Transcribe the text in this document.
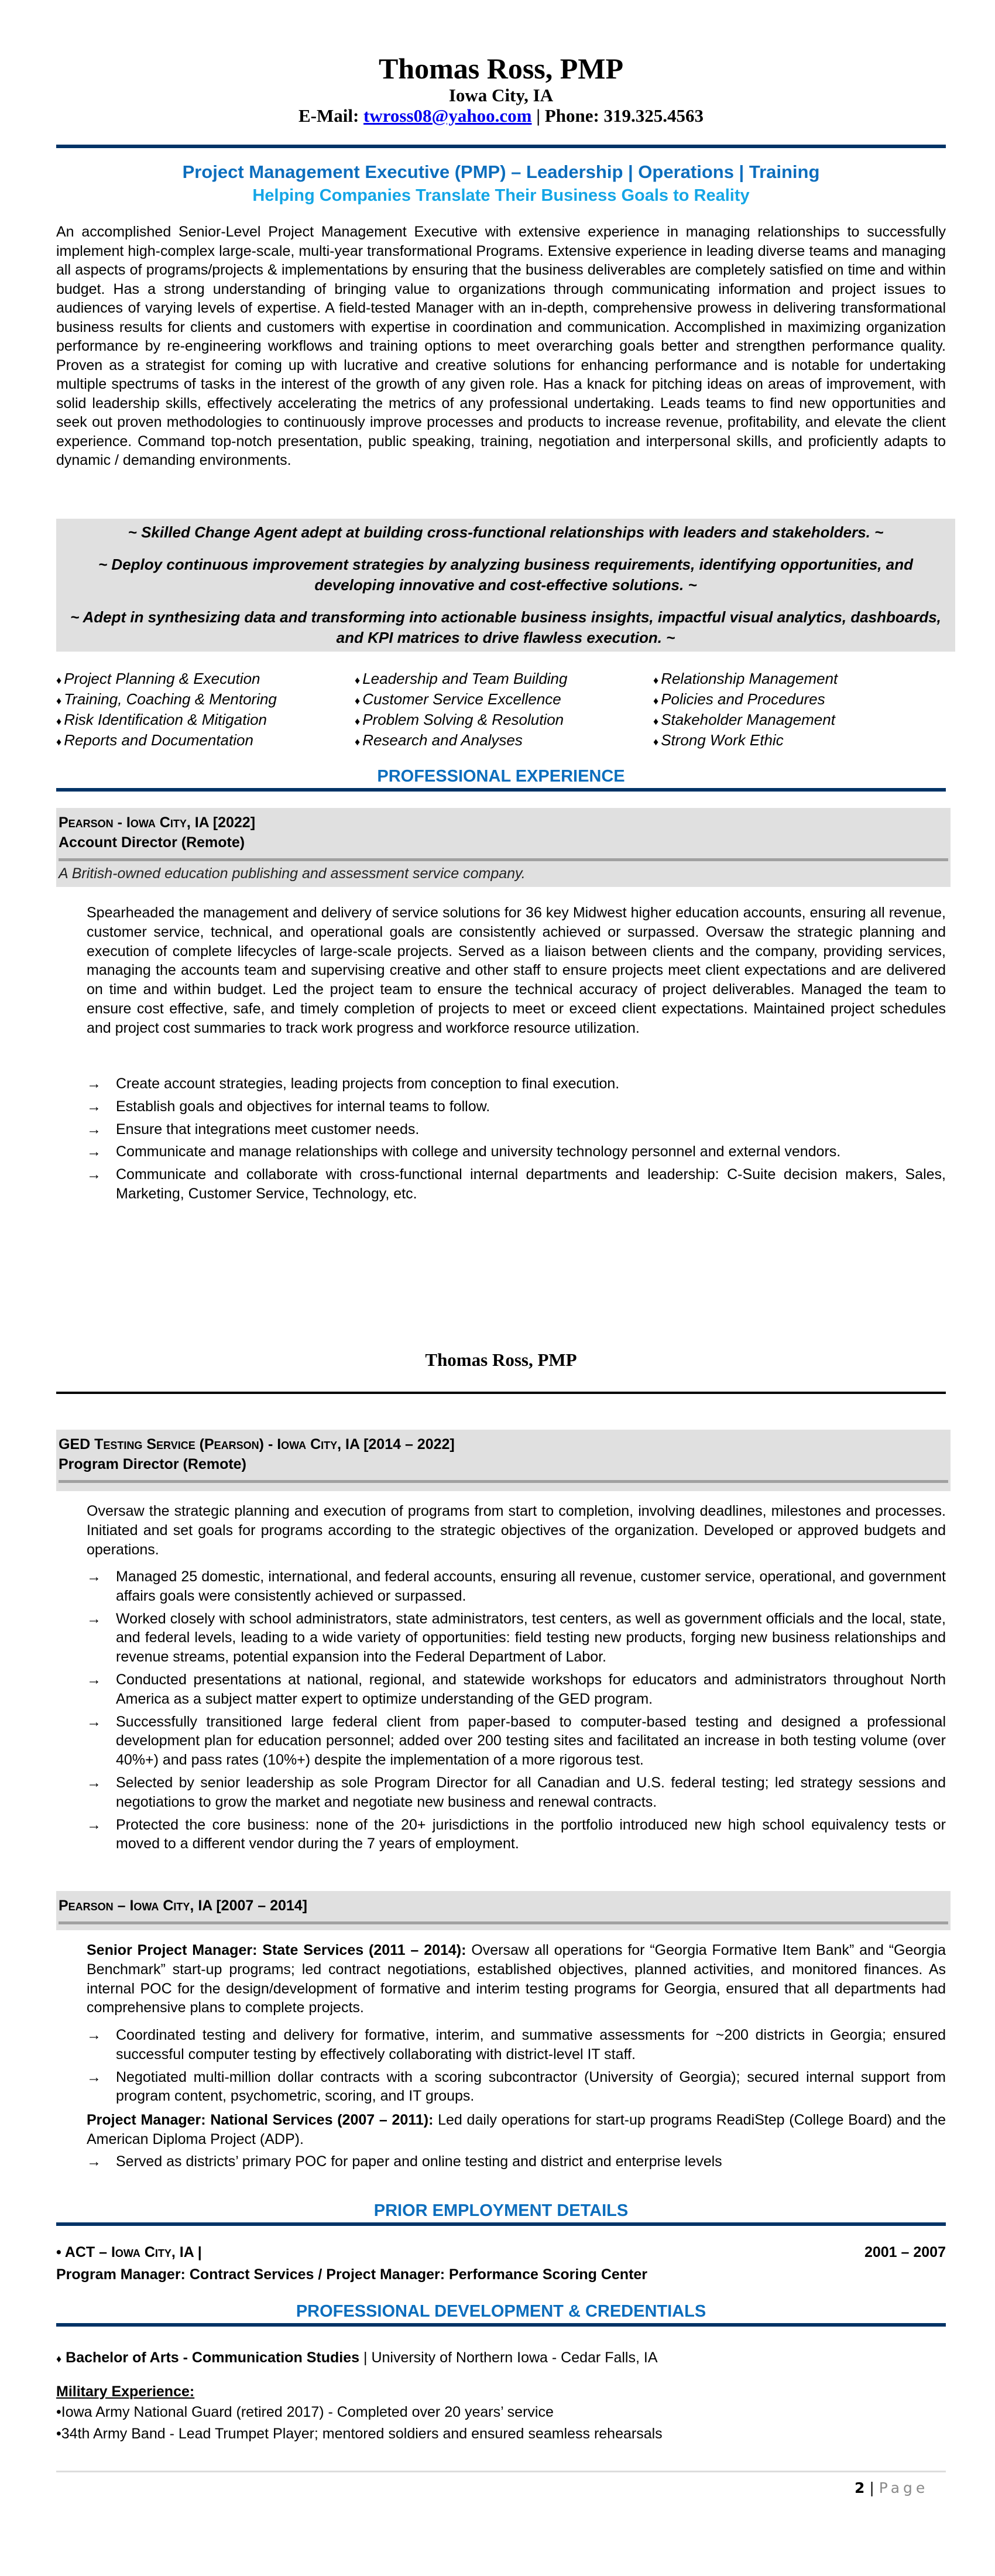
Thomas Ross, PMP
Iowa City, IA
E-Mail: twross08@yahoo.com | Phone: 319.325.4563
Project Management Executive (PMP) – Leadership | Operations | Training
Helping Companies Translate Their Business Goals to Reality
An accomplished Senior-Level Project Management Executive with extensive experience in managing relationships to successfully implement high-complex large-scale, multi-year transformational Programs. Extensive experience in leading diverse teams and managing all aspects of programs/projects & implementations by ensuring that the business deliverables are completely satisfied on time and within budget. Has a strong understanding of bringing value to organizations through communicating information and project issues to audiences of varying levels of expertise. A field-tested Manager with an in-depth, comprehensive prowess in delivering transformational business results for clients and customers with expertise in coordination and communication. Accomplished in maximizing organization performance by re-engineering workflows and training options to meet overarching goals better and strengthen performance quality. Proven as a strategist for coming up with lucrative and creative solutions for enhancing performance and is notable for undertaking multiple spectrums of tasks in the interest of the growth of any given role. Has a knack for pitching ideas on areas of improvement, with solid leadership skills, effectively accelerating the metrics of any professional undertaking. Leads teams to find new opportunities and seek out proven methodologies to continuously improve processes and products to increase revenue, profitability, and elevate the client experience. Command top-notch presentation, public speaking, training, negotiation and interpersonal skills, and proficiently adapts to dynamic / demanding environments.

~ Skilled Change Agent adept at building cross-functional relationships with leaders and stakeholders. ~

~ Deploy continuous improvement strategies by analyzing business requirements, identifying opportunities, and developing innovative and cost-effective solutions. ~

~ Adept in synthesizing data and transforming into actionable business insights, impactful visual analytics, dashboards, and KPI matrices to drive flawless execution. ~

♦ Project Planning & Execution	♦ Leadership and Team Building	♦ Relationship Management
♦ Training, Coaching & Mentoring	♦ Customer Service Excellence	♦ Policies and Procedures
♦ Risk Identification & Mitigation	♦ Problem Solving & Resolution	♦ Stakeholder Management
♦ Reports and Documentation	♦ Research and Analyses	♦ Strong Work Ethic
PROFESSIONAL EXPERIENCE
Pearson - Iowa City, IA [2022]
Account Director (Remote)
A British-owned education publishing and assessment service company.
Spearheaded the management and delivery of service solutions for 36 key Midwest higher education accounts, ensuring all revenue, customer service, technical, and operational goals are consistently achieved or surpassed. Oversaw the strategic planning and execution of complete lifecycles of large-scale projects. Served as a liaison between clients and the company, providing services, managing the accounts team and supervising creative and other staff to ensure projects meet client expectations and are delivered on time and within budget. Led the project team to ensure the technical accuracy of project deliverables. Managed the team to ensure cost effective, safe, and timely completion of projects to meet or exceed client expectations. Maintained project schedules and project cost summaries to track work progress and workforce resource utilization.
→ Create account strategies, leading projects from conception to final execution.
→ Establish goals and objectives for internal teams to follow.
→ Ensure that integrations meet customer needs.
→ Communicate and manage relationships with college and university technology personnel and external vendors.
→ Communicate and collaborate with cross-functional internal departments and leadership: C-Suite decision makers, Sales, Marketing, Customer Service, Technology, etc.
Thomas Ross, PMP
GED Testing Service (Pearson) - Iowa City, IA [2014 – 2022]
Program Director (Remote)
Oversaw the strategic planning and execution of programs from start to completion, involving deadlines, milestones and processes. Initiated and set goals for programs according to the strategic objectives of the organization. Developed or approved budgets and operations.
→ Managed 25 domestic, international, and federal accounts, ensuring all revenue, customer service, operational, and government affairs goals were consistently achieved or surpassed.
→ Worked closely with school administrators, state administrators, test centers, as well as government officials and the local, state, and federal levels, leading to a wide variety of opportunities: field testing new products, forging new business relationships and revenue streams, potential expansion into the Federal Department of Labor.
→ Conducted presentations at national, regional, and statewide workshops for educators and administrators throughout North America as a subject matter expert to optimize understanding of the GED program.
→ Successfully transitioned large federal client from paper-based to computer-based testing and designed a professional development plan for education personnel; added over 200 testing sites and facilitated an increase in both testing volume (over 40%+) and pass rates (10%+) despite the implementation of a more rigorous test.
→ Selected by senior leadership as sole Program Director for all Canadian and U.S. federal testing; led strategy sessions and negotiations to grow the market and negotiate new business and renewal contracts.
→ Protected the core business: none of the 20+ jurisdictions in the portfolio introduced new high school equivalency tests or moved to a different vendor during the 7 years of employment.
Pearson – Iowa City, IA [2007 – 2014]
Senior Project Manager: State Services (2011 – 2014): Oversaw all operations for “Georgia Formative Item Bank” and “Georgia Benchmark” start-up programs; led contract negotiations, established objectives, planned activities, and monitored finances. As internal POC for the design/development of formative and interim testing programs for Georgia, ensured that all departments had comprehensive plans to complete projects.
→ Coordinated testing and delivery for formative, interim, and summative assessments for ~200 districts in Georgia; ensured successful computer testing by effectively collaborating with district-level IT staff.
→ Negotiated multi-million dollar contracts with a scoring subcontractor (University of Georgia); secured internal support from program content, psychometric, scoring, and IT groups.
Project Manager: National Services (2007 – 2011): Led daily operations for start-up programs ReadiStep (College Board) and the American Diploma Project (ADP).
→ Served as districts’ primary POC for paper and online testing and district and enterprise levels
PRIOR EMPLOYMENT DETAILS
• ACT – Iowa City, IA |	2001 – 2007
Program Manager: Contract Services / Project Manager: Performance Scoring Center
PROFESSIONAL DEVELOPMENT & CREDENTIALS
♦ Bachelor of Arts - Communication Studies | University of Northern Iowa - Cedar Falls, IA
Military Experience:
•Iowa Army National Guard (retired 2017) - Completed over 20 years’ service
•34th Army Band - Lead Trumpet Player; mentored soldiers and ensured seamless rehearsals
2 | Page
